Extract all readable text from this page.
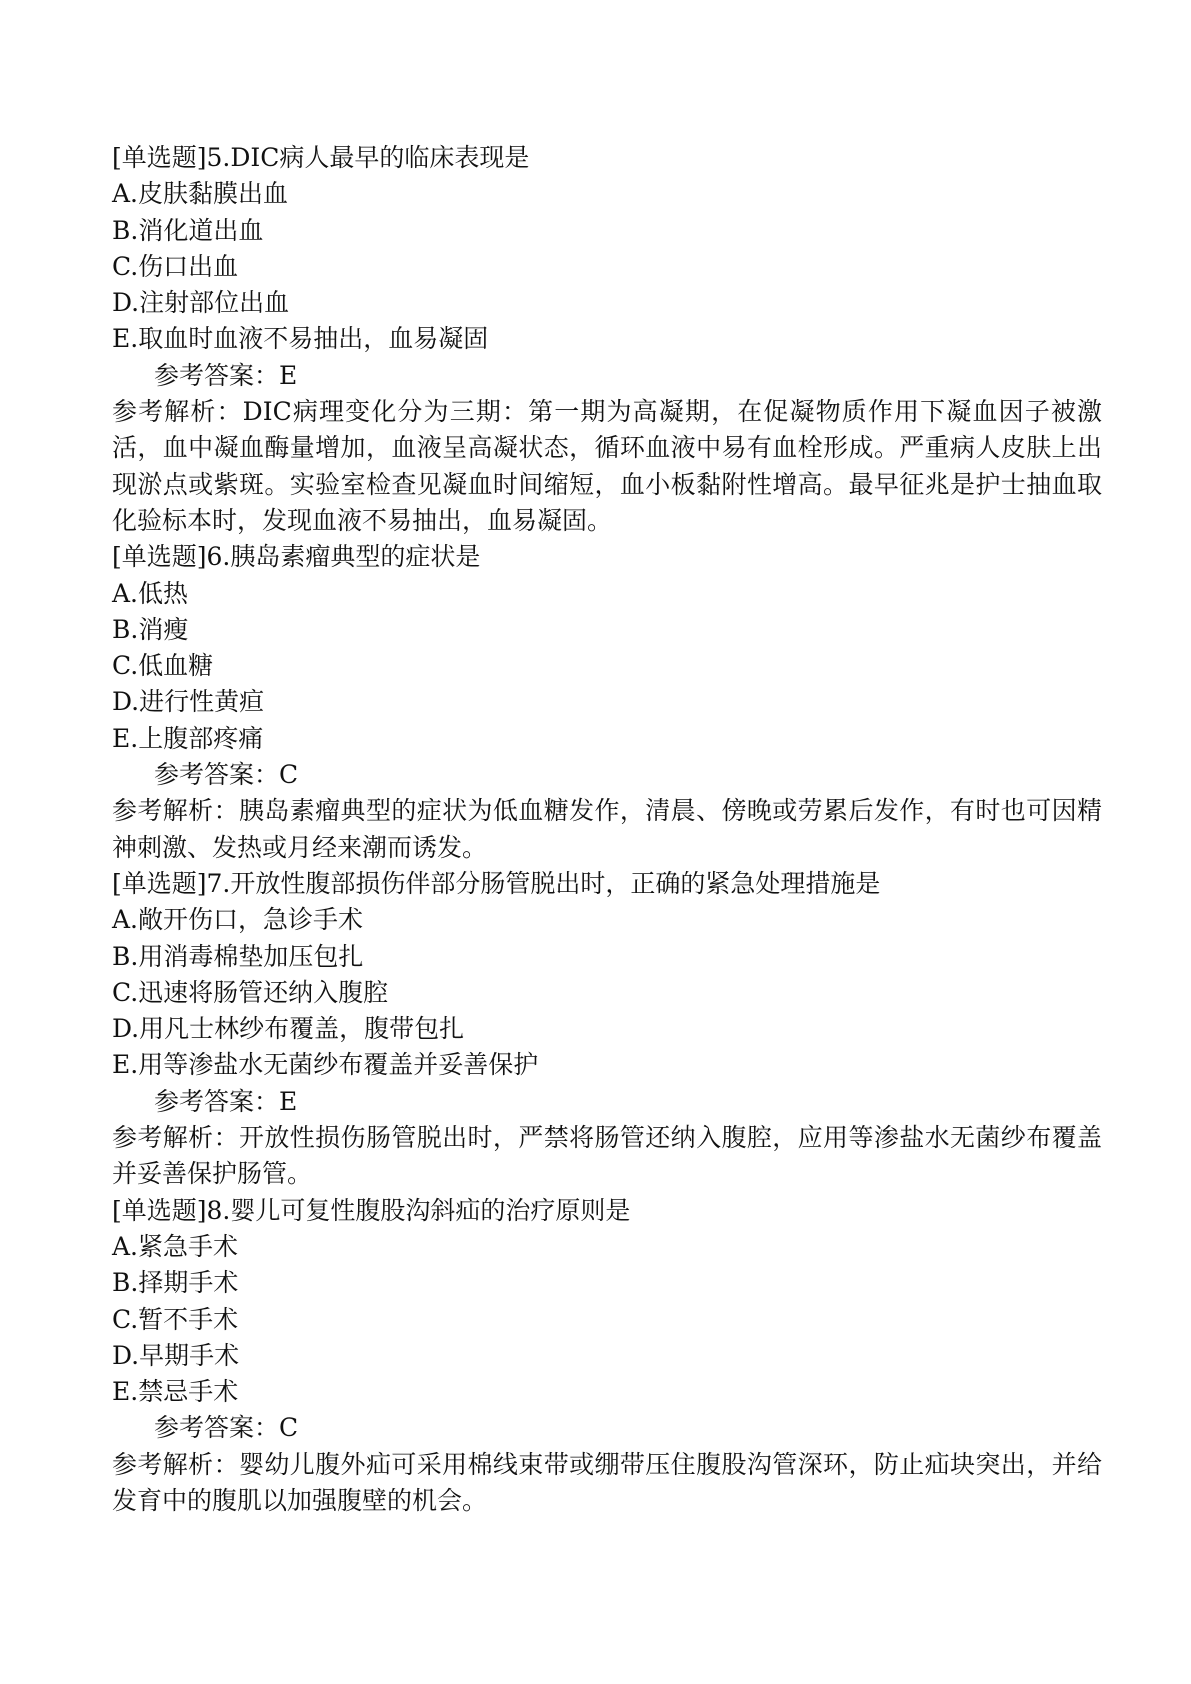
[单选题]5.DIC病人最早的临床表现是

A.皮肤黏膜出血

B.消化道出血

C.伤口出血

D.注射部位出血

E.取血时血液不易抽出，血易凝固

参考答案：E

参考解析：DIC病理变化分为三期：第一期为高凝期，在促凝物质作用下凝血因子被激活，血中凝血酶量增加，血液呈高凝状态，循环血液中易有血栓形成。严重病人皮肤上出现淤点或紫斑。实验室检查见凝血时间缩短，血小板黏附性增高。最早征兆是护士抽血取化验标本时，发现血液不易抽出，血易凝固。

[单选题]6.胰岛素瘤典型的症状是

A.低热

B.消瘦

C.低血糖

D.进行性黄疸

E.上腹部疼痛

参考答案：C

参考解析：胰岛素瘤典型的症状为低血糖发作，清晨、傍晚或劳累后发作，有时也可因精神刺激、发热或月经来潮而诱发。

[单选题]7.开放性腹部损伤伴部分肠管脱出时，正确的紧急处理措施是

A.敞开伤口，急诊手术

B.用消毒棉垫加压包扎

C.迅速将肠管还纳入腹腔

D.用凡士林纱布覆盖，腹带包扎

E.用等渗盐水无菌纱布覆盖并妥善保护

参考答案：E

参考解析：开放性损伤肠管脱出时，严禁将肠管还纳入腹腔，应用等渗盐水无菌纱布覆盖并妥善保护肠管。

[单选题]8.婴儿可复性腹股沟斜疝的治疗原则是

A.紧急手术

B.择期手术

C.暂不手术

D.早期手术

E.禁忌手术

参考答案：C

参考解析：婴幼儿腹外疝可采用棉线束带或绷带压住腹股沟管深环，防止疝块突出，并给发育中的腹肌以加强腹壁的机会。
